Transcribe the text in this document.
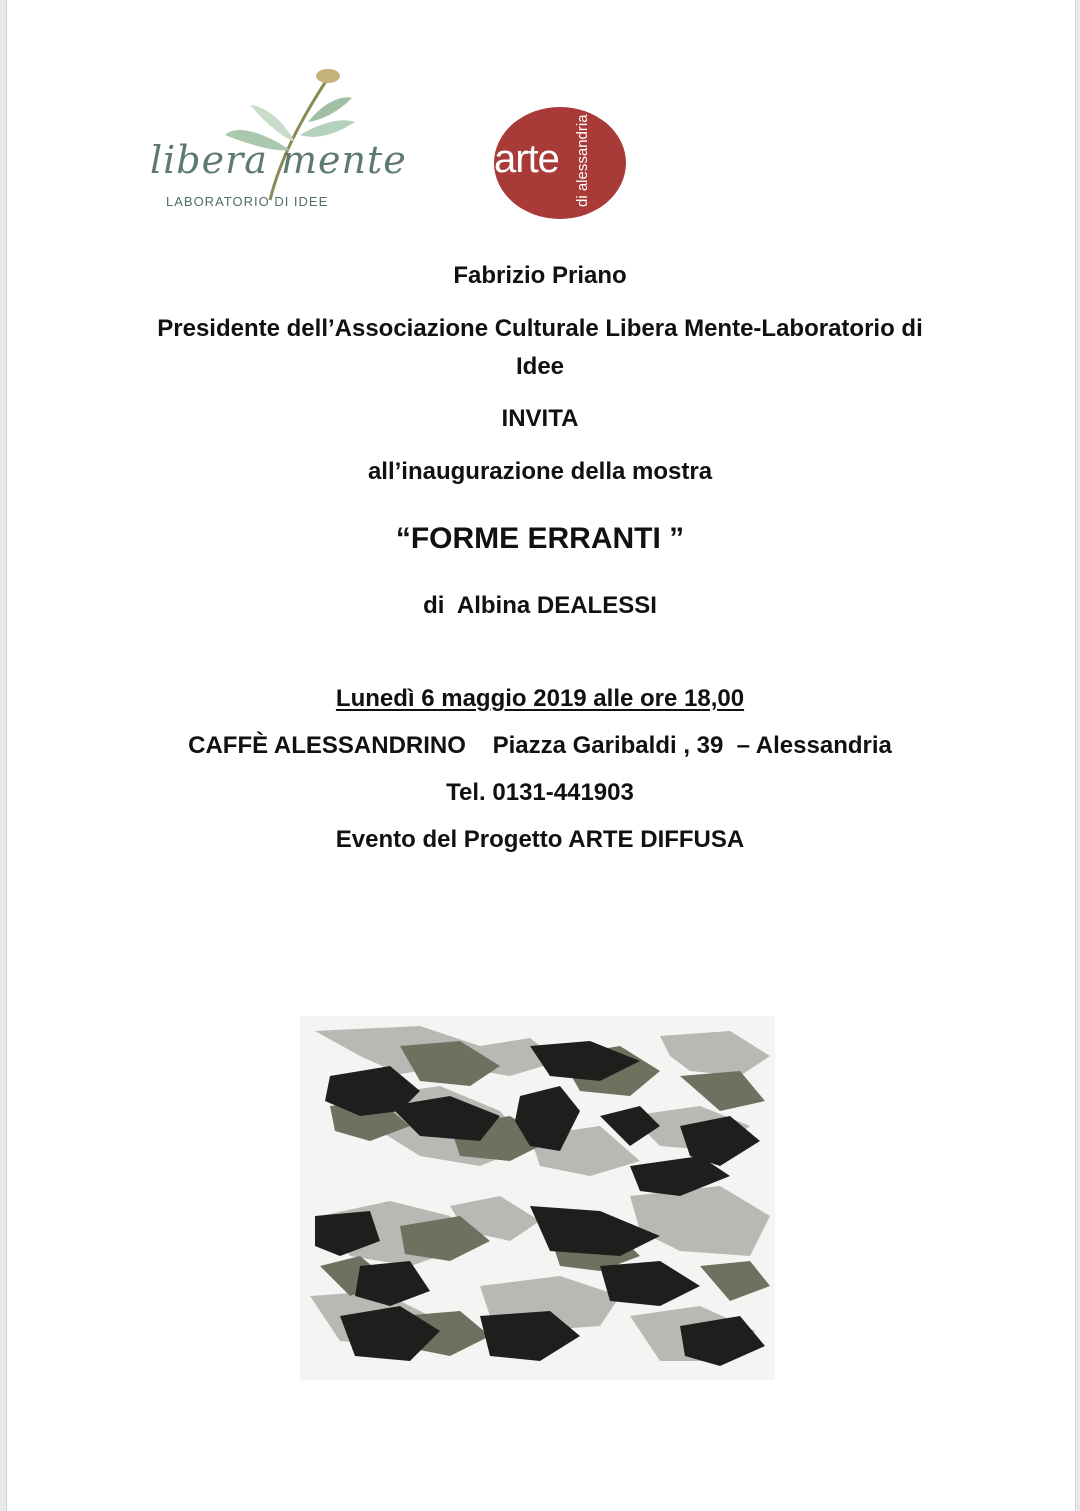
libera mente
LABORATORIO DI IDEE
arte di alessandria
Fabrizio Priano
Presidente dell’Associazione Culturale Libera Mente-Laboratorio di
Idee
INVITA
all’inaugurazione della mostra
“FORME ERRANTI ”
di  Albina DEALESSI
Lunedì 6 maggio 2019 alle ore 18,00
CAFFÈ ALESSANDRINO    Piazza Garibaldi , 39  – Alessandria
Tel. 0131-441903
Evento del Progetto ARTE DIFFUSA
